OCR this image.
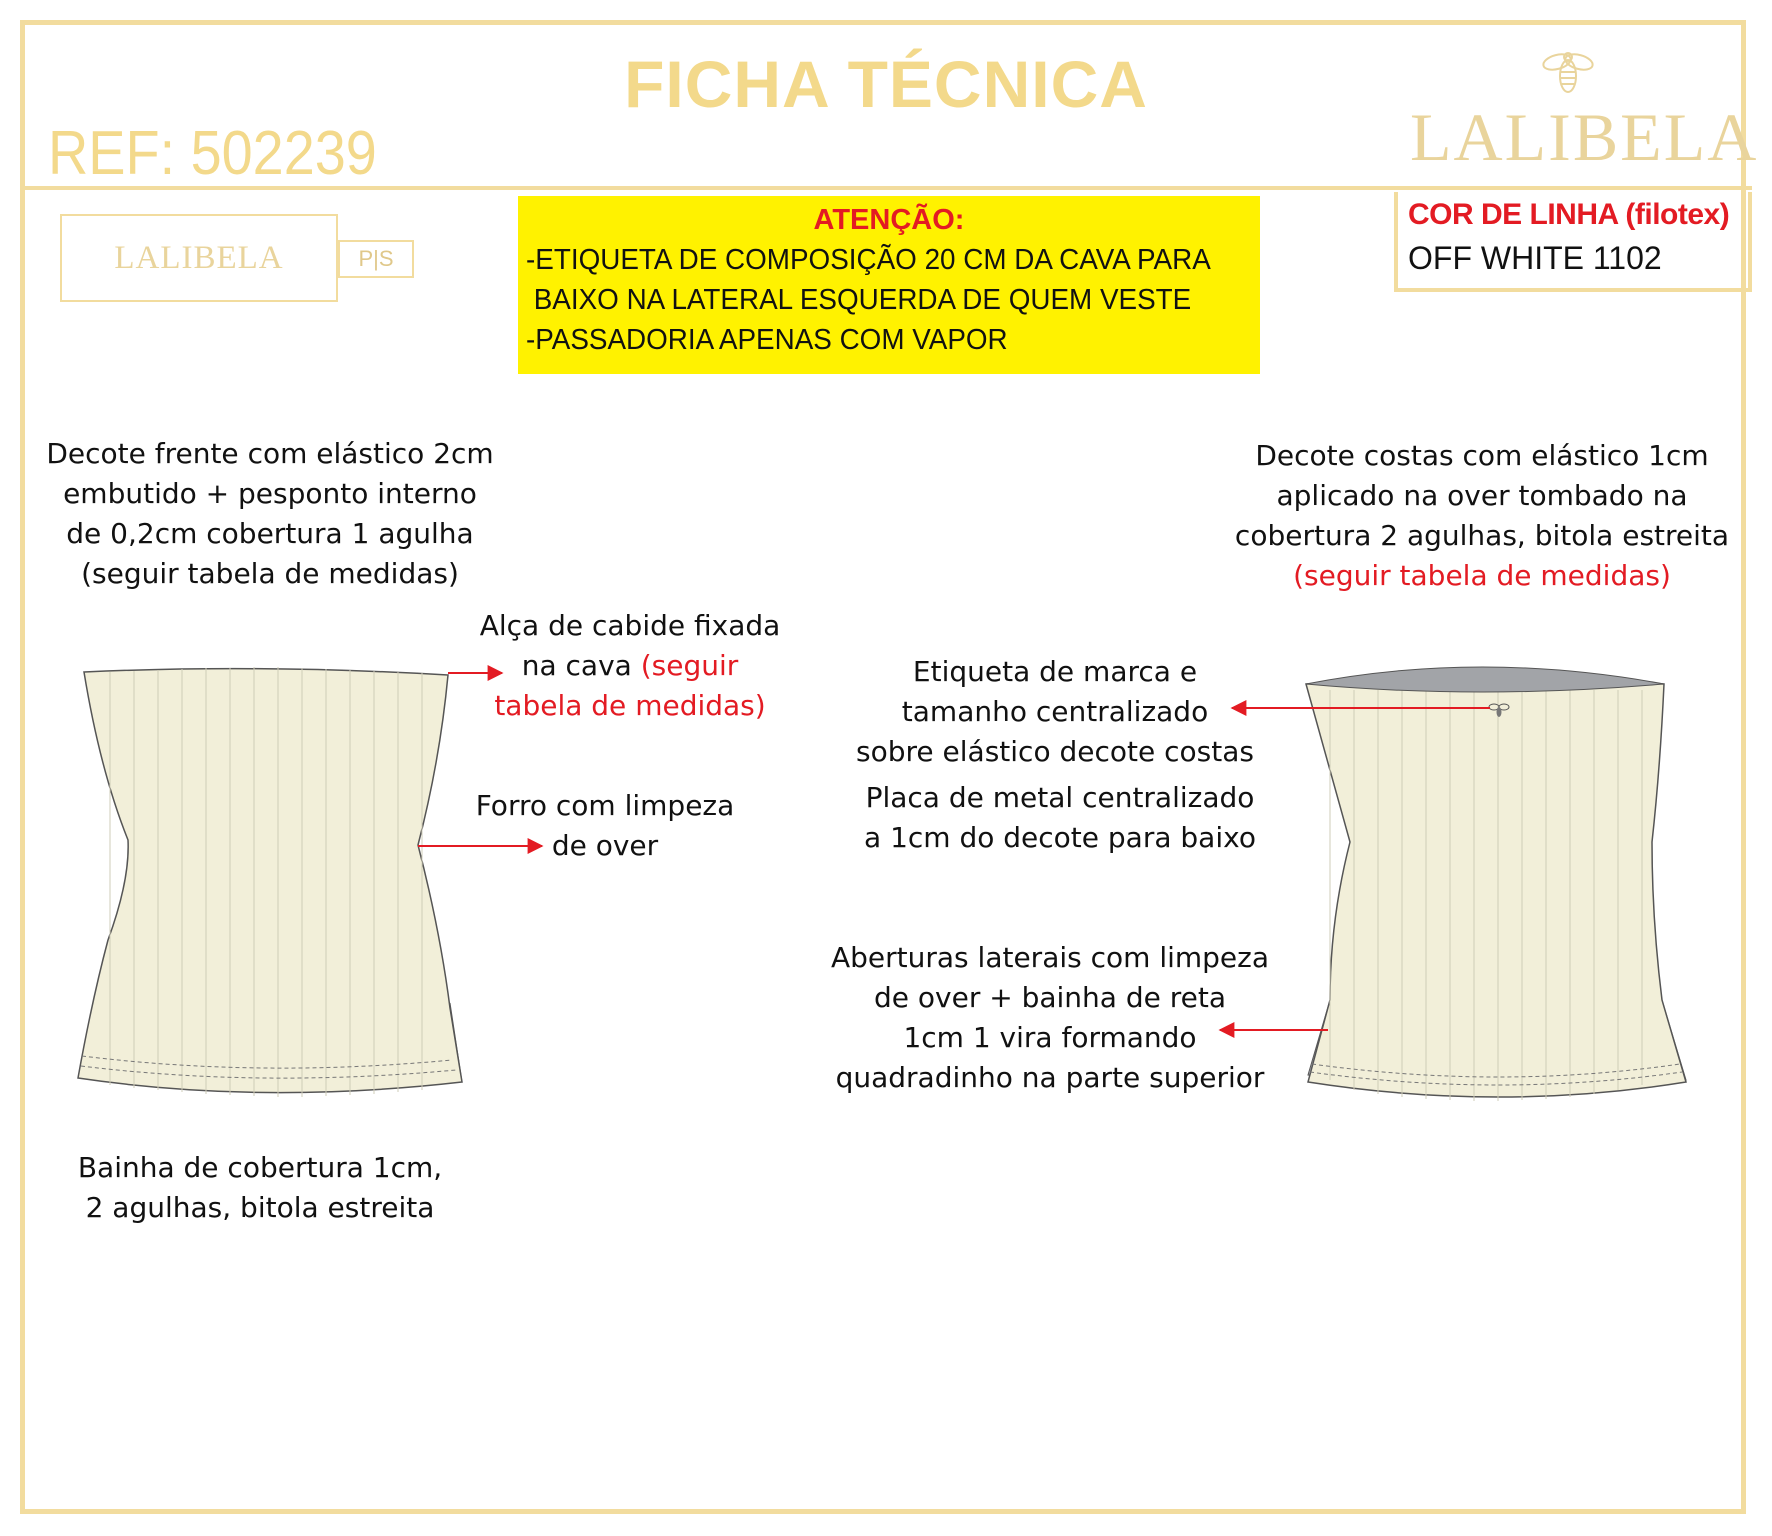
FICHA TÉCNICA
REF: 502239	LALIBELA
LALIBELA	P|S
ATENÇÃO:
-ETIQUETA DE COMPOSIÇÃO 20 CM DA CAVA PARA
BAIXO NA LATERAL ESQUERDA DE QUEM VESTE
-PASSADORIA APENAS COM VAPOR
COR DE LINHA (filotex)
OFF WHITE 1102
Decote frente com elástico 2cm
embutido + pesponto interno
de 0,2cm cobertura 1 agulha
(seguir tabela de medidas)
Alça de cabide fixada
na cava (seguir
tabela de medidas)
Forro com limpeza
de over
Bainha de cobertura 1cm,
2 agulhas, bitola estreita
Decote costas com elástico 1cm
aplicado na over tombado na
cobertura 2 agulhas, bitola estreita
(seguir tabela de medidas)
Etiqueta de marca e
tamanho centralizado
sobre elástico decote costas
Placa de metal centralizado
a 1cm do decote para baixo
Aberturas laterais com limpeza
de over + bainha de reta
1cm 1 vira formando
quadradinho na parte superior
